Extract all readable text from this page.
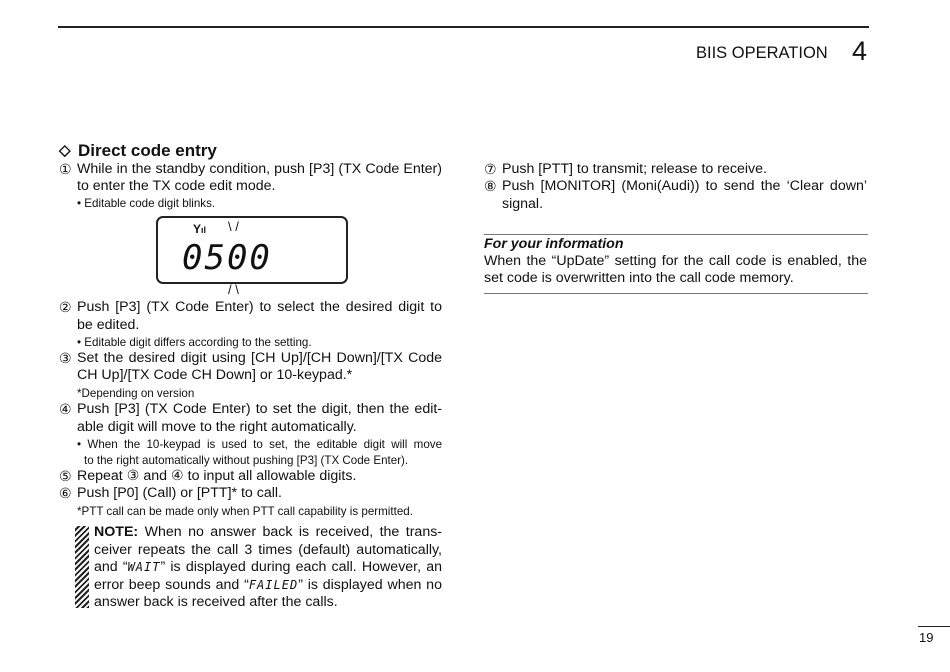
BIIS OPERATION 4
◇ Direct code entry
① While in the standby condition, push [P3] (TX Code Enter)
to enter the TX code edit mode.
• Editable code digit blinks.
Yıl \ /
0500
/ \
② Push [P3] (TX Code Enter) to select the desired digit to
be edited.
• Editable digit differs according to the setting.
③ Set the desired digit using [CH Up]/[CH Down]/[TX Code
CH Up]/[TX Code CH Down] or 10-keypad.*
*Depending on version
④ Push [P3] (TX Code Enter) to set the digit, then the edit-
able digit will move to the right automatically.
• When the 10-keypad is used to set, the editable digit will move
to the right automatically without pushing [P3] (TX Code Enter).
⑤ Repeat ③ and ④ to input all allowable digits.
⑥ Push [P0] (Call) or [PTT]* to call.
*PTT call can be made only when PTT call capability is permitted.
NOTE: When no answer back is received, the trans-
ceiver repeats the call 3 times (default) automatically,
and “WAIT” is displayed during each call. However, an
error beep sounds and “FAILED” is displayed when no
answer back is received after the calls.
⑦ Push [PTT] to transmit; release to receive.
⑧ Push [MONITOR] (Moni(Audi)) to send the ‘Clear down’
signal.
For your information
When the “UpDate” setting for the call code is enabled, the
set code is overwritten into the call code memory.
19
